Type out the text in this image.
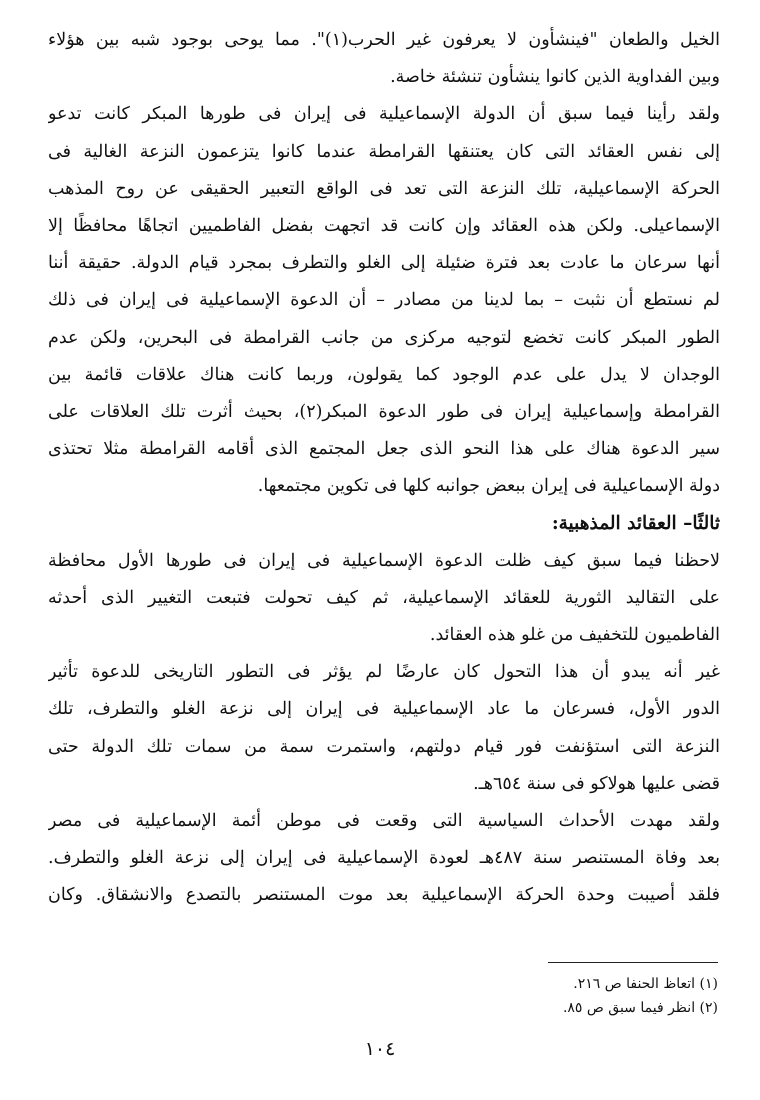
الخيل والطعان "فينشأون لا يعرفون غير الحرب(١)". مما يوحى بوجود شبه بين هؤلاء
وبين الفداوية الذين كانوا ينشأون تنشئة خاصة.
ولقد رأينا فيما سبق أن الدولة الإسماعيلية فى إيران فى طورها المبكر كانت تدعو
إلى نفس العقائد التى كان يعتنقها القرامطة عندما كانوا يتزعمون النزعة الغالية فى
الحركة الإسماعيلية، تلك النزعة التى تعد فى الواقع التعبير الحقيقى عن روح المذهب
الإسماعيلى. ولكن هذه العقائد وإن كانت قد اتجهت بفضل الفاطميين اتجاهًا محافظًا إلا
أنها سرعان ما عادت بعد فترة ضئيلة إلى الغلو والتطرف بمجرد قيام الدولة. حقيقة أننا
لم نستطع أن نثبت – بما لدينا من مصادر – أن الدعوة الإسماعيلية فى إيران فى ذلك
الطور المبكر كانت تخضع لتوجيه مركزى من جانب القرامطة فى البحرين، ولكن عدم
الوجدان لا يدل على عدم الوجود كما يقولون، وربما كانت هناك علاقات قائمة بين
القرامطة وإسماعيلية إيران فى طور الدعوة المبكر(٢)، بحيث أثرت تلك العلاقات على
سير الدعوة هناك على هذا النحو الذى جعل المجتمع الذى أقامه القرامطة مثلا تحتذى
دولة الإسماعيلية فى إيران ببعض جوانبه كلها فى تكوين مجتمعها.
ثالثًا– العقائد المذهبية:
لاحظنا فيما سبق كيف ظلت الدعوة الإسماعيلية فى إيران فى طورها الأول محافظة
على التقاليد الثورية للعقائد الإسماعيلية، ثم كيف تحولت فتبعت التغيير الذى أحدثه
الفاطميون للتخفيف من غلو هذه العقائد.
غير أنه يبدو أن هذا التحول كان عارضًا لم يؤثر فى التطور التاريخى للدعوة تأثير
الدور الأول، فسرعان ما عاد الإسماعيلية فى إيران إلى نزعة الغلو والتطرف، تلك
النزعة التى استؤنفت فور قيام دولتهم، واستمرت سمة من سمات تلك الدولة حتى
قضى عليها هولاكو فى سنة ٦٥٤هـ.
ولقد مهدت الأحداث السياسية التى وقعت فى موطن أئمة الإسماعيلية فى مصر
بعد وفاة المستنصر سنة ٤٨٧هـ لعودة الإسماعيلية فى إيران إلى نزعة الغلو والتطرف.
فلقد أصيبت وحدة الحركة الإسماعيلية بعد موت المستنصر بالتصدع والانشقاق. وكان
(١) اتعاظ الحنفا ص ٢١٦.
(٢) انظر فيما سبق ص ٨٥.
١٠٤
